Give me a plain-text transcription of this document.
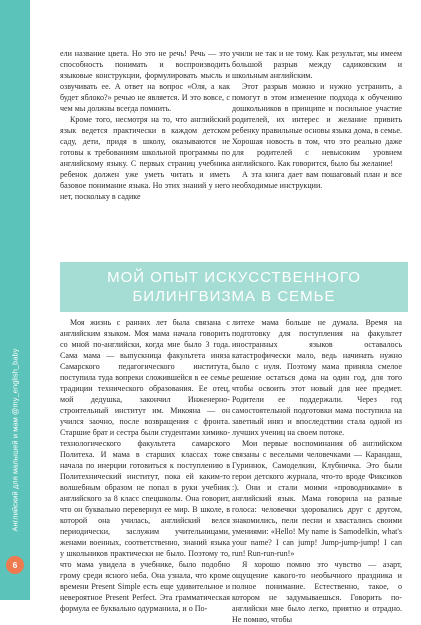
Английский для малышей и мам @my_english_baby
6

ели название цвета. Но это не речь! Речь — это способность понимать и воспроизводить языковые конструкции, формулировать мысль и озвучивать ее. А ответ на вопрос «Оля, а как будет яблоко?» речью не является. И это вовсе, с чем мы должны всегда помнить.

Кроме того, несмотря на то, что английский язык ведется практически в каждом детском саду, дети, придя в школу, оказываются не готовы к требованиям школьной программы по английскому языку. С первых страниц учебника ребенок должен уже уметь читать и иметь базовое понимание языка. Но этих знаний у него нет, поскольку в садике

учили не так и не тому. Как результат, мы имеем большой разрыв между садиковским и школьным английским.

Этот разрыв можно и нужно устранить, а помогут в этом изменение подхода к обучению дошкольников в принципе и посильное участие родителей, их интерес и желание привить ребенку правильные основы языка дома, в семье. Хорошая новость в том, что это реально даже для родителей с невысоким уровнем английского. Как говорится, было бы желание!

А эта книга дает вам пошаговый план и все необходимые инструкции.

МОЙ ОПЫТ ИСКУССТВЕННОГО
БИЛИНГВИЗМА В СЕМЬЕ

Моя жизнь с ранних лет была связана с английским языком. Моя мама начала говорить со мной по-английски, когда мне было 3 года. Сама мама — выпускница факультета иняза Самарского педагогического института, поступила туда вопреки сложившейся в ее семье традиции технического образования. Ее отец, мой дедушка, закончил Инженерно-строительный институт им. Микояна — он учился заочно, после возвращения с фронта. Старшие брат и сестра были студентами химико-технологического факультета самарского Политеха. И мама в старших классах тоже начала по инерции готовиться к поступлению в Политехнический институт, пока ей каким-то волшебным образом не попал в руки учебник английского за 8 класс спецшколы. Она говорит, что он буквально перевернул ее мир. В школе, в которой она училась, английский велся периодически, заслужим учительницами, женами военных, соответственно, знаний языка у школьников практически не было. Поэтому то, что мама увидела в учебнике, было подобно грому среди ясного неба. Она узнала, что кроме времени Present Simple есть еще удивительное и невероятное Present Perfect. Эта грамматическая формула ее буквально одурманила, и о По-

литехе мама больше не думала. Время на подготовку для поступления на факультет иностранных языков оставалось катастрофически мало, ведь начинать нужно было с нуля. Поэтому мама приняла смелое решение остаться дома на один год, для того чтобы освоить этот новый для нее предмет. Родители ее поддержали. Через год самостоятельной подготовки мама поступила на заветный иняз и впоследствии стала одной из лучших учениц на своем потоке.

Мои первые воспоминания об английском связаны с веселыми человечками — Карандаш, Гуриннок, Самоделкин, Клубничка. Это были герои детского журнала, что-то вроде Фиксиков :). Они и стали моими «проводниками» в английский язык. Мама говорила на разные голоса: человечки здоровались друг с другом, знакомились, пели песни и хвастались своими умениями: «Hello! My name is Samodelkin, what's your name? I can jump! Jump-jump-jump! I can run! Run-run-run!»

Я хорошо помню это чувство — азарт, ощущение какого-то необычного праздника и полное понимание. Естественно, такое, о котором не задумываешься. Говорить по-английски мне было легко, приятно и отрадно. Не помню, чтобы
